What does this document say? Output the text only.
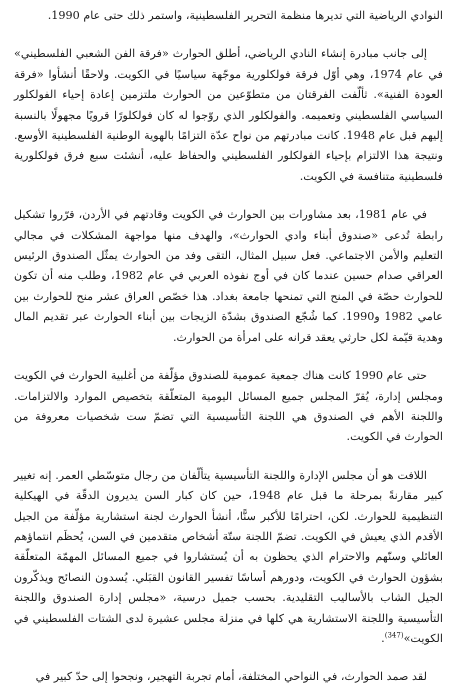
النوادي الرياضية التي تديرها منظمة التحرير الفلسطينية، واستمر ذلك حتى عام 1990.

إلى جانب مبادرة إنشاء النادي الرياضي، أطلق الحوارث «فرقة الفن الشعبي الفلسطيني» في عام 1974، وهي أوّل فرقة فولكلورية موجّهة سياسيًا في الكويت. ولاحقًا أنشأوا «فرقة العودة الفنية». ثألّفت الفرقتان من متطوّعين من الحوارث ملتزمين إعادة إحياء الفولكلور السياسي الفلسطيني وتعميمه. والفولكلور الذي روّجوا له كان فولكلورًا قرويًا مجهولًا بالنسبة إليهم قبل عام 1948. كانت مبادرتهم من نواح عدّة التزامًا بالهوية الوطنية الفلسطينية الأوسع. ونتيجة هذا الالتزام بإحياء الفولكلور الفلسطيني والحفاظ عليه، أنشئت سبع فرق فولكلورية فلسطينية متنافسة في الكويت.

في عام 1981، بعد مشاورات بين الحوارث في الكويت وقادتهم في الأردن، قرّروا تشكيل رابطة تُدعى «صندوق أبناء وادي الحوارث»، والهدف منها مواجهة المشكلات في مجالي التعليم والأمن الاجتماعي. فعل سبيل المثال، التقى وفد من الحوارث يمثّل الصندوق الرئيس العراقي صدام حسين عندما كان في أوج نفوذه العربي في عام 1982، وطلب منه أن تكون للحوارث حصّة في المنح التي تمنحها جامعة بغداد. هذا خصّص العراق عشر منح للحوارث بين عامي 1982 و1990. كما شُجّع الصندوق بشدّة الزيجات بين أبناء الحوارث عبر تقديم المال وهدية قيّمة لكل حارثي يعقد قرانه على امرأة من الحوارث.

حتى عام 1990 كانت هناك جمعية عمومية للصندوق مؤلّفة من أغلبية الحوارث في الكويت ومجلس إدارة، يُقرّ المجلس جميع المسائل اليومية المتعلّقة بتخصيص الموارد والالتزامات. واللجنة الأهم في الصندوق هي اللجنة التأسيسية التي تضمّ ست شخصيات معروفة من الحوارث في الكويت.

اللافت هو أن مجلس الإدارة واللجنة التأسيسية يتألّفان من رجال متوسّطي العمر. إنه تغيير كبير مقارنةً بمرحلة ما قبل عام 1948، حين كان كبار السن يديرون الدقّة في الهيكلية التنظيمية للحوارث. لكن، احترامًا للأكبر سنًّا، أنشأ الحوارث لجنة استشارية مؤلّفة من الجيل الأقدم الذي يعيش في الكويت. تضمّ اللجنة ستّة أشخاص متقدمين في السن، يُحظَم انتماؤهم العائلي وسنّهم والاحترام الذي يحظون به أن يُستشاروا في جميع المسائل المهمّة المتعلّقة بشؤون الحوارث في الكويت، ودورهم أساسًا تفسير القانون القبَلي. يُسدون النصائح ويذكّرون الجيل الشاب بالأساليب التقليدية. بحسب جميل درسية، «مجلس إدارة الصندوق واللجنة التأسيسية واللجنة الاستشارية هي كلها في منزلة مجلس عشيرة لدى الشتات الفلسطيني في الكويت»$^{(347)}$.

لقد صمد الحوارث، في النواحي المختلفة، أمام تجربة التهجير، ونجحوا إلى حدّ كبير في
